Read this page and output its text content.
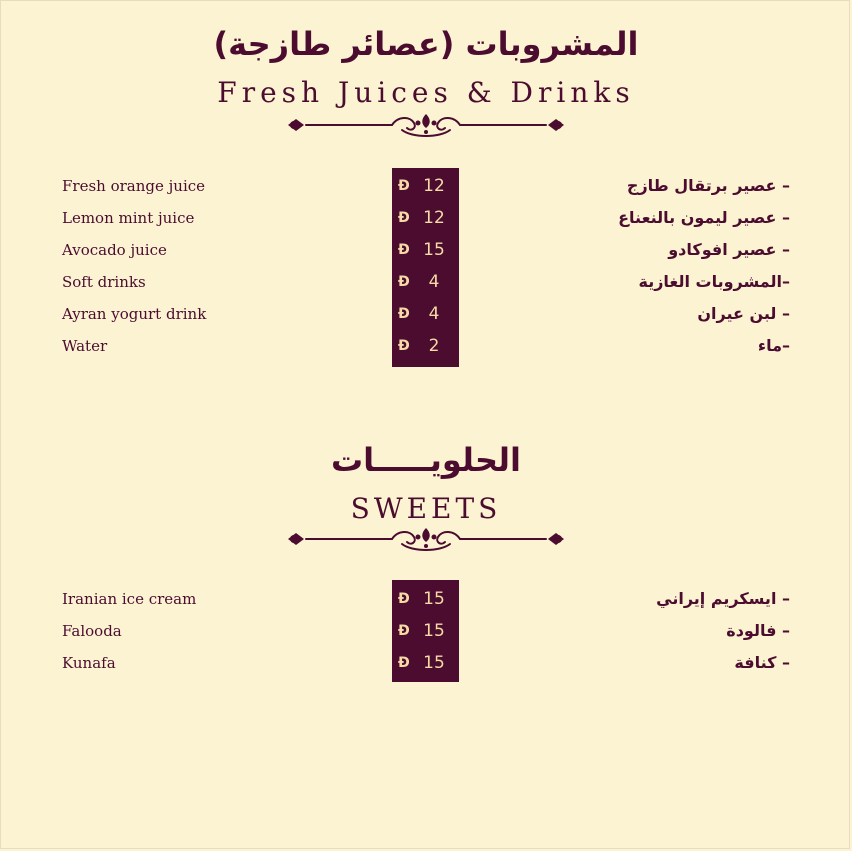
المشروبات (عصائر طازجة)
Fresh Juices & Drinks
Fresh orange juice	Ð 12	– عصير برتقال طازج
Lemon mint juice	Ð 12	– عصير ليمون بالنعناع
Avocado juice	Ð 15	– عصير افوكادو
Soft drinks	Ð	4	–المشروبات الغازية
Ayran yogurt drink	Ð	4	– لبن عيران
Water	Ð	2	–ماء
الحلويـــــات
SWEETS
Iranian ice cream	Ð 15	– ايسكريم إيراني
Falooda	Ð 15	– فالودة
Kunafa	Ð 15	– كنافة
